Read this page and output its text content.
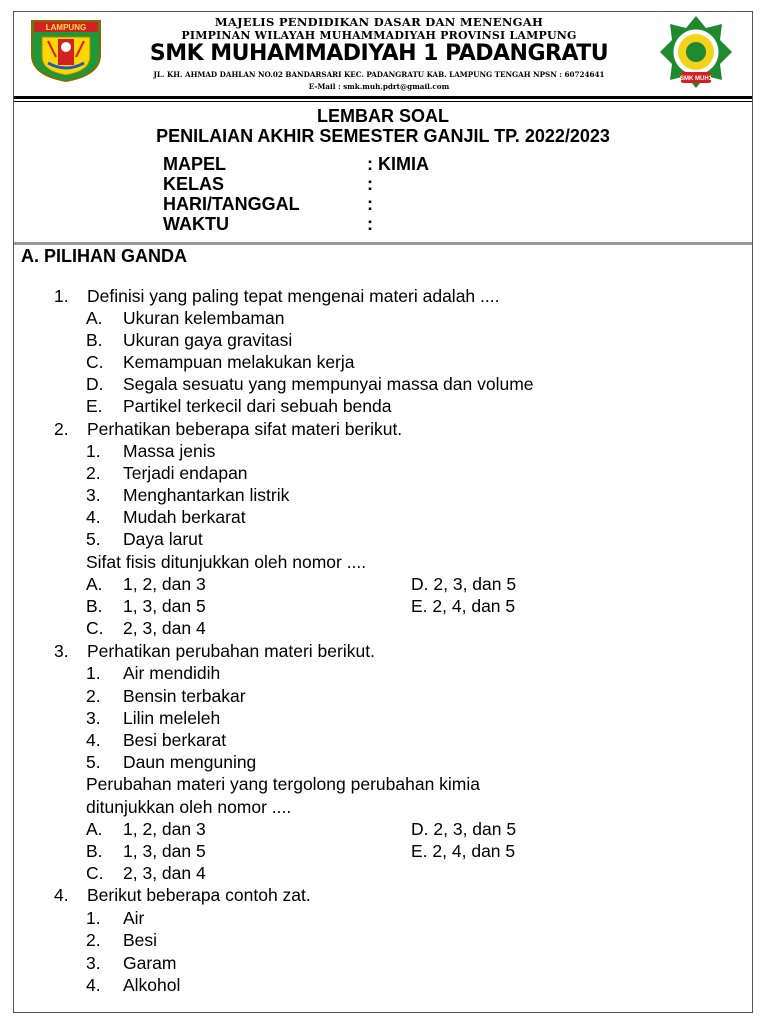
LAMPUNG	MAJELIS PENDIDIKAN DASAR DAN MENENGAH
PIMPINAN WILAYAH MUHAMMADIYAH PROVINSI LAMPUNG
SMK MUHAMMADIYAH 1 PADANGRATU
JL. KH. AHMAD DAHLAN NO.02 BANDARSARI KEC. PADANGRATU KAB. LAMPUNG TENGAH NPSN : 60724641
E-Mail : smk.muh.pdrt@gmail.com
SMK MUH1
LEMBAR SOAL
PENILAIAN AKHIR SEMESTER GANJIL TP. 2022/2023
MAPEL	: KIMIA
KELAS	:
HARI/TANGGAL	:
WAKTU	:
A. PILIHAN GANDA
1. Definisi yang paling tepat mengenai materi adalah ....
A. Ukuran kelembaman
B. Ukuran gaya gravitasi
C. Kemampuan melakukan kerja
D. Segala sesuatu yang mempunyai massa dan volume
E. Partikel terkecil dari sebuah benda
2. Perhatikan beberapa sifat materi berikut.
1. Massa jenis
2. Terjadi endapan
3. Menghantarkan listrik
4. Mudah berkarat
5. Daya larut
Sifat fisis ditunjukkan oleh nomor ....
A. 1, 2, dan 3	D. 2, 3, dan 5
B. 1, 3, dan 5	E. 2, 4, dan 5
C. 2, 3, dan 4
3. Perhatikan perubahan materi berikut.
1. Air mendidih
2. Bensin terbakar
3. Lilin meleleh
4. Besi berkarat
5. Daun menguning
Perubahan materi yang tergolong perubahan kimia
ditunjukkan oleh nomor ....
A. 1, 2, dan 3	D. 2, 3, dan 5
B. 1, 3, dan 5	E. 2, 4, dan 5
C. 2, 3, dan 4
4. Berikut beberapa contoh zat.
1. Air
2. Besi
3. Garam
4. Alkohol
